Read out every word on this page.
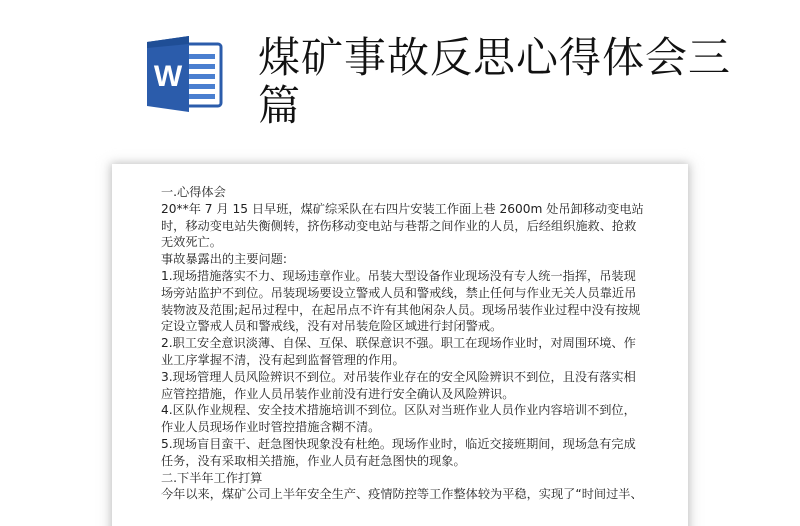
W 煤矿事故反思心得体会三篇

一.心得体会

20**年 7 月 15 日早班，煤矿综采队在右四片安装工作面上巷 2600m 处吊卸移动变电站时，移动变电站失衡侧转，挤伤移动变电站与巷帮之间作业的人员，后经组织施救、抢救无效死亡。

事故暴露出的主要问题:

1.现场措施落实不力、现场违章作业。吊装大型设备作业现场没有专人统一指挥，吊装现场旁站监护不到位。吊装现场要设立警戒人员和警戒线，禁止任何与作业无关人员靠近吊装物波及范围;起吊过程中，在起吊点不许有其他闲杂人员。现场吊装作业过程中没有按规定设立警戒人员和警戒线，没有对吊装危险区域进行封闭警戒。

2.职工安全意识淡薄、自保、互保、联保意识不强。职工在现场作业时，对周围环境、作业工序掌握不清，没有起到监督管理的作用。

3.现场管理人员风险辨识不到位。对吊装作业存在的安全风险辨识不到位，且没有落实相应管控措施，作业人员吊装作业前没有进行安全确认及风险辨识。

4.区队作业规程、安全技术措施培训不到位。区队对当班作业人员作业内容培训不到位，作业人员现场作业时管控措施含糊不清。

5.现场盲目蛮干、赶急图快现象没有杜绝。现场作业时，临近交接班期间，现场急有完成任务，没有采取相关措施，作业人员有赶急图快的现象。

二.下半年工作打算

今年以来，煤矿公司上半年安全生产、疫情防控等工作整体较为平稳，实现了“时间过半、
